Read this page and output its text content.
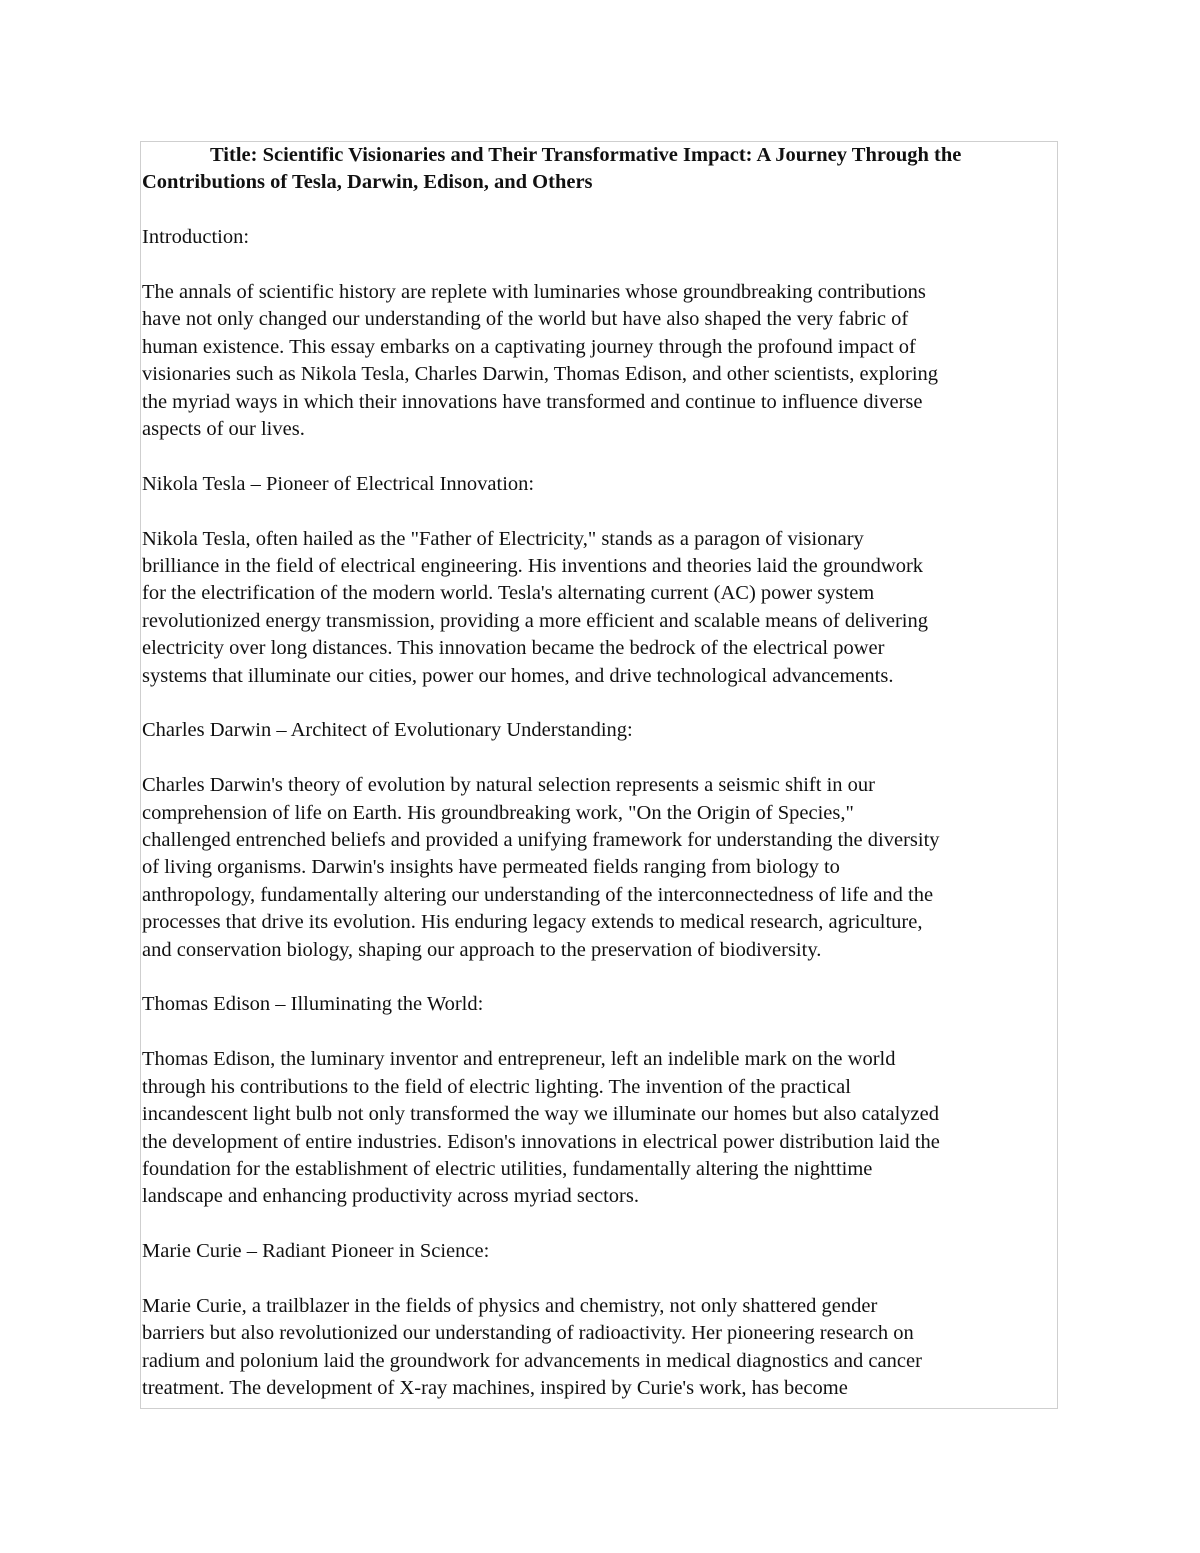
Title: Scientific Visionaries and Their Transformative Impact: A Journey Through the Contributions of Tesla, Darwin, Edison, and Others

Introduction:

The annals of scientific history are replete with luminaries whose groundbreaking contributions
have not only changed our understanding of the world but have also shaped the very fabric of
human existence. This essay embarks on a captivating journey through the profound impact of
visionaries such as Nikola Tesla, Charles Darwin, Thomas Edison, and other scientists, exploring
the myriad ways in which their innovations have transformed and continue to influence diverse
aspects of our lives.

Nikola Tesla – Pioneer of Electrical Innovation:

Nikola Tesla, often hailed as the "Father of Electricity," stands as a paragon of visionary
brilliance in the field of electrical engineering. His inventions and theories laid the groundwork
for the electrification of the modern world. Tesla's alternating current (AC) power system
revolutionized energy transmission, providing a more efficient and scalable means of delivering
electricity over long distances. This innovation became the bedrock of the electrical power
systems that illuminate our cities, power our homes, and drive technological advancements.

Charles Darwin – Architect of Evolutionary Understanding:

Charles Darwin's theory of evolution by natural selection represents a seismic shift in our
comprehension of life on Earth. His groundbreaking work, "On the Origin of Species,"
challenged entrenched beliefs and provided a unifying framework for understanding the diversity
of living organisms. Darwin's insights have permeated fields ranging from biology to
anthropology, fundamentally altering our understanding of the interconnectedness of life and the
processes that drive its evolution. His enduring legacy extends to medical research, agriculture,
and conservation biology, shaping our approach to the preservation of biodiversity.

Thomas Edison – Illuminating the World:

Thomas Edison, the luminary inventor and entrepreneur, left an indelible mark on the world
through his contributions to the field of electric lighting. The invention of the practical
incandescent light bulb not only transformed the way we illuminate our homes but also catalyzed
the development of entire industries. Edison's innovations in electrical power distribution laid the
foundation for the establishment of electric utilities, fundamentally altering the nighttime
landscape and enhancing productivity across myriad sectors.

Marie Curie – Radiant Pioneer in Science:

Marie Curie, a trailblazer in the fields of physics and chemistry, not only shattered gender
barriers but also revolutionized our understanding of radioactivity. Her pioneering research on
radium and polonium laid the groundwork for advancements in medical diagnostics and cancer
treatment. The development of X-ray machines, inspired by Curie's work, has become
